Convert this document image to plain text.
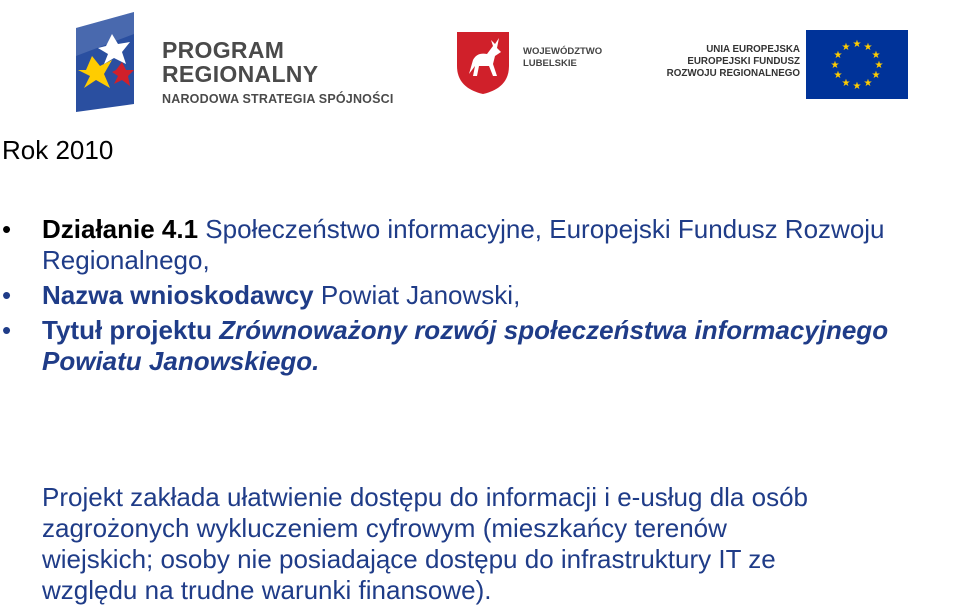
PROGRAM
REGIONALNY
NARODOWA STRATEGIA SPÓJNOŚCI
WOJEWÓDZTWO
LUBELSKIE
UNIA EUROPEJSKA
EUROPEJSKI FUNDUSZ
ROZWOJU REGIONALNEGO
★ ★
★
★
★
★
★
★
★
★
★
★
Rok 2010
• Działanie 4.1 Społeczeństwo informacyjne, Europejski Fundusz Rozwoju Regionalnego,
• Nazwa wnioskodawcy Powiat Janowski,
• Tytuł projektu Zrównoważony rozwój społeczeństwa informacyjnego Powiatu Janowskiego.
Projekt zakłada ułatwienie dostępu do informacji i e-usług dla osób
zagrożonych wykluczeniem cyfrowym (mieszkańcy terenów
wiejskich; osoby nie posiadające dostępu do infrastruktury IT ze
względu na trudne warunki finansowe).
